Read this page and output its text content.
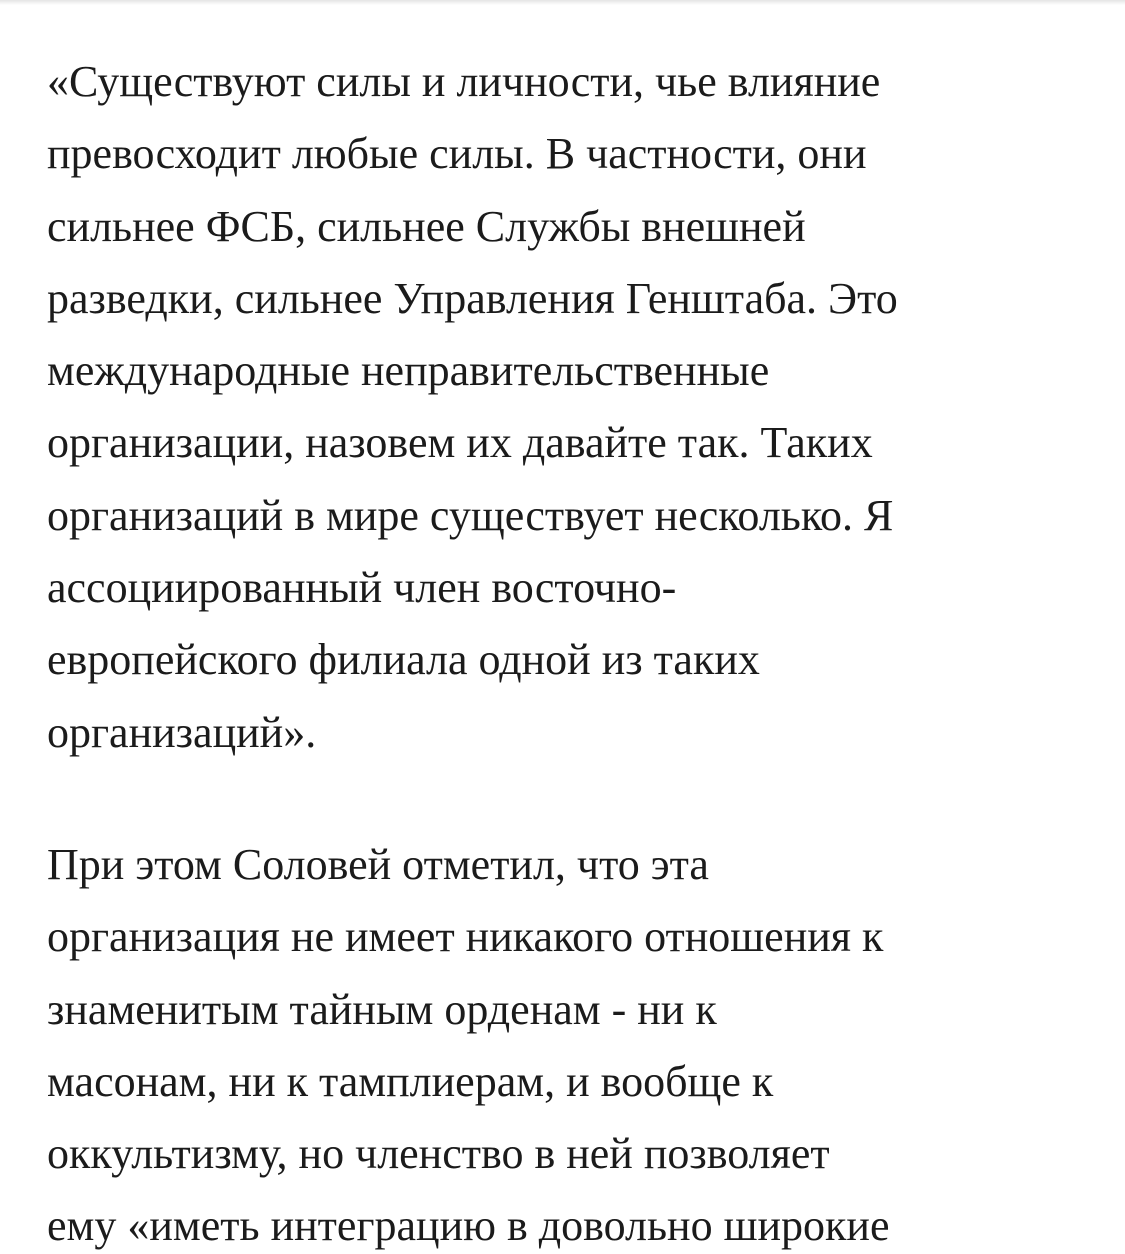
«Существуют силы и личности, чье влияние
превосходит любые силы. В частности, они
сильнее ФСБ, сильнее Службы внешней
разведки, сильнее Управления Генштаба. Это
международные неправительственные
организации, назовем их давайте так. Таких
организаций в мире существует несколько. Я
ассоциированный член восточно-
европейского филиала одной из таких
организаций».
При этом Соловей отметил, что эта
организация не имеет никакого отношения к
знаменитым тайным орденам - ни к
масонам, ни к тамплиерам, и вообще к
оккультизму, но членство в ней позволяет
ему «иметь интеграцию в довольно широкие
